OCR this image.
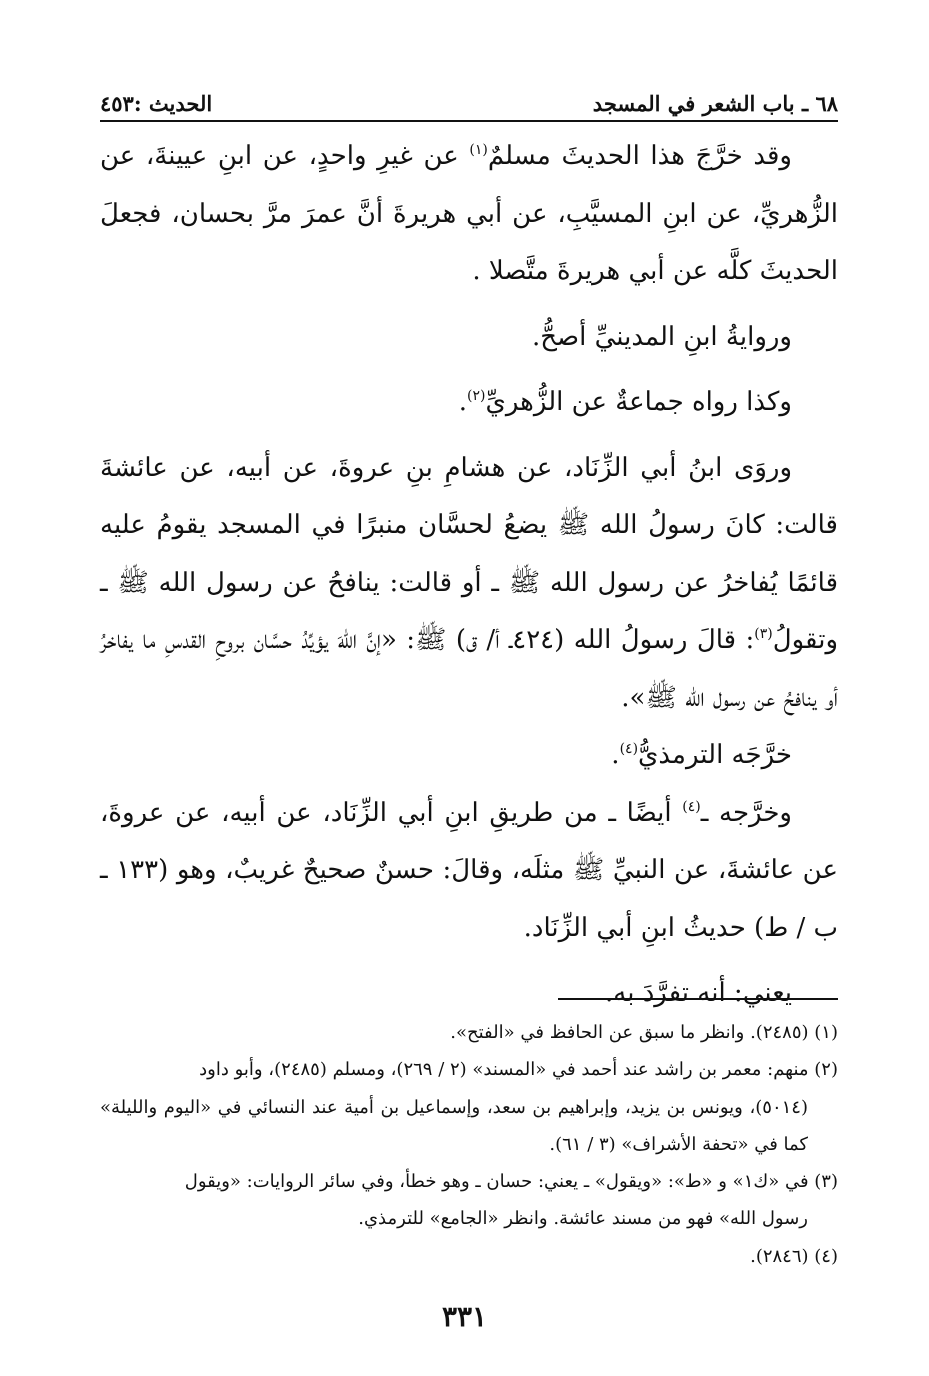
٦٨ ـ باب الشعر في المسجد
الحديث :٤٥٣

وقد خرَّجَ هذا الحديثَ مسلمٌ$^{(١)}$ عن غيرِ واحدٍ، عن ابنِ عيينةَ، عن الزُّهريِّ، عن ابنِ المسيَّبِ، عن أبي هريرةَ أنَّ عمرَ مرَّ بحسان، فجعلَ الحديثَ كلَّه عن أبي هريرةَ متَّصلا .

وروايةُ ابنِ المدينيِّ أصحُّ.

وكذا رواه جماعةٌ عن الزُّهريِّ$^{(٢)}$.

وروَى ابنُ أبي الزِّنَاد، عن هشامِ بنِ عروةَ، عن أبيه، عن عائشةَ قالت: كانَ رسولُ الله ﷺ يضعُ لحسَّان منبرًا في المسجد يقومُ عليه قائمًا يُفاخرُ عن رسول الله ﷺ ـ أو قالت: ينافحُ عن رسول الله ﷺ ـ وتقولُ$^{(٣)}$: قالَ رسولُ الله (٤٢٤ـ أ/ ق) ﷺ: «إنَّ اللهَ يؤيِّدُ حسَّان بروحِ القدسِ ما يفاخرُ أو ينافحُ عن رسول الله ﷺ».

خرَّجَه الترمذيُّ$^{(٤)}$.

وخرَّجه ـ$^{(٤)}$ أيضًا ـ من طريقِ ابنِ أبي الزِّنَاد، عن أبيه، عن عروةَ، عن عائشةَ، عن النبيِّ ﷺ مثلَه، وقالَ: حسنٌ صحيحٌ غريبٌ، وهو (١٣٣ ـ ب / ط) حديثُ ابنِ أبي الزِّنَاد.

يعني: أنه تفرَّدَ به.

(١) (٢٤٨٥). وانظر ما سبق عن الحافظ في «الفتح».

(٢) منهم: معمر بن راشد عند أحمد في «المسند» (٢ / ٢٦٩)، ومسلم (٢٤٨٥)، وأبو داود
(٥٠١٤)، ويونس بن يزيد، وإبراهيم بن سعد، وإسماعيل بن أمية عند النسائي في «اليوم والليلة» كما في «تحفة الأشراف» (٣ / ٦١).

(٣) في «ك١» و «ط»: «ويقول» ـ يعني: حسان ـ وهو خطأ، وفي سائر الروايات: «ويقول
رسول الله» فهو من مسند عائشة. وانظر «الجامع» للترمذي.

(٤) (٢٨٤٦).

٣٣١
